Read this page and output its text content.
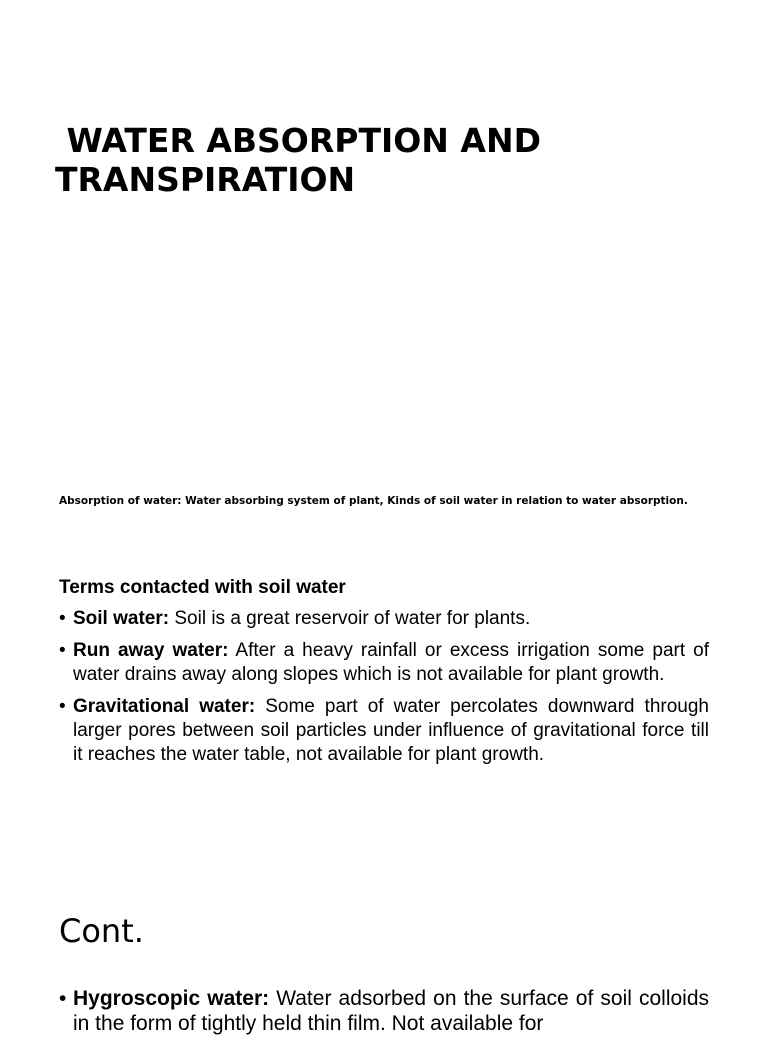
WATER ABSORPTION AND
TRANSPIRATION

Absorption of water: Water absorbing system of plant, Kinds of soil water in relation to water absorption.

Terms contacted with soil water
• Soil water: Soil is a great reservoir of water for plants.
• Run away water: After a heavy rainfall or excess irrigation some part of water drains away along slopes which is not available for plant growth.
• Gravitational water: Some part of water percolates downward through larger pores between soil particles under influence of gravitational force till it reaches the water table, not available for plant growth.
Cont.
• Hygroscopic water: Water adsorbed on the surface of soil colloids in the form of tightly held thin film. Not available for
